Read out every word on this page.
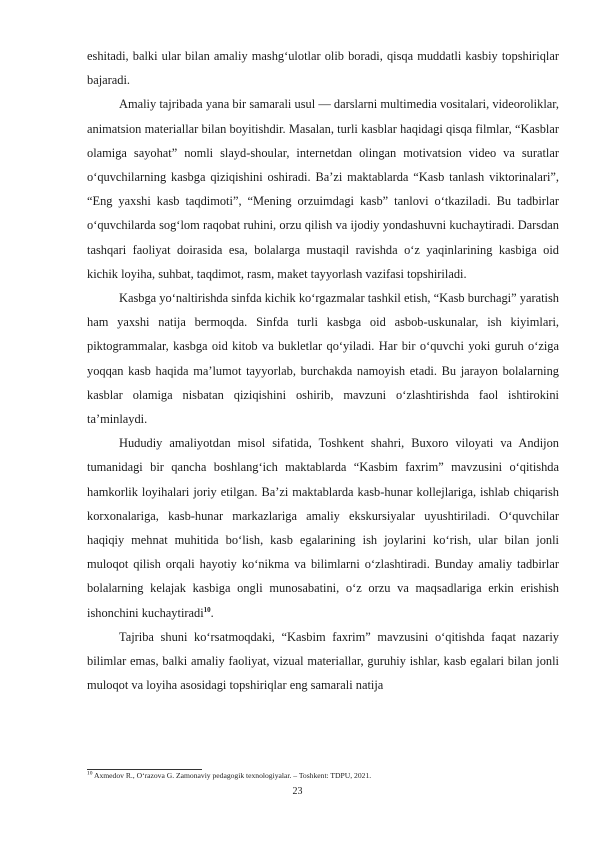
eshitadi, balki ular bilan amaliy mashg‘ulotlar olib boradi, qisqa muddatli kasbiy topshiriqlar bajaradi.

Amaliy tajribada yana bir samarali usul — darslarni multimedia vositalari, videoroliklar, animatsion materiallar bilan boyitishdir. Masalan, turli kasblar haqidagi qisqa filmlar, “Kasblar olamiga sayohat” nomli slayd-shoular, internetdan olingan motivatsion video va suratlar o‘quvchilarning kasbga qiziqishini oshiradi. Ba’zi maktablarda “Kasb tanlash viktorinalari”, “Eng yaxshi kasb taqdimoti”, “Mening orzuimdagi kasb” tanlovi o‘tkaziladi. Bu tadbirlar o‘quvchilarda sog‘lom raqobat ruhini, orzu qilish va ijodiy yondashuvni kuchaytiradi. Darsdan tashqari faoliyat doirasida esa, bolalarga mustaqil ravishda o‘z yaqinlarining kasbiga oid kichik loyiha, suhbat, taqdimot, rasm, maket tayyorlash vazifasi topshiriladi.

Kasbga yo‘naltirishda sinfda kichik ko‘rgazmalar tashkil etish, “Kasb burchagi” yaratish ham yaxshi natija bermoqda. Sinfda turli kasbga oid asbob-uskunalar, ish kiyimlari, piktogrammalar, kasbga oid kitob va bukletlar qo‘yiladi. Har bir o‘quvchi yoki guruh o‘ziga yoqqan kasb haqida ma’lumot tayyorlab, burchakda namoyish etadi. Bu jarayon bolalarning kasblar olamiga nisbatan qiziqishini oshirib, mavzuni o‘zlashtirishda faol ishtirokini ta’minlaydi.

Hududiy amaliyotdan misol sifatida, Toshkent shahri, Buxoro viloyati va Andijon tumanidagi bir qancha boshlang‘ich maktablarda “Kasbim faxrim” mavzusini o‘qitishda hamkorlik loyihalari joriy etilgan. Ba’zi maktablarda kasb-hunar kollejlariga, ishlab chiqarish korxonalariga, kasb-hunar markazlariga amaliy ekskursiyalar uyushtiriladi. O‘quvchilar haqiqiy mehnat muhitida bo‘lish, kasb egalarining ish joylarini ko‘rish, ular bilan jonli muloqot qilish orqali hayotiy ko‘nikma va bilimlarni o‘zlashtiradi. Bunday amaliy tadbirlar bolalarning kelajak kasbiga ongli munosabatini, o‘z orzu va maqsadlariga erkin erishish ishonchini kuchaytiradi$^{10}$.

Tajriba shuni ko‘rsatmoqdaki, “Kasbim faxrim” mavzusini o‘qitishda faqat nazariy bilimlar emas, balki amaliy faoliyat, vizual materiallar, guruhiy ishlar, kasb egalari bilan jonli muloqot va loyiha asosidagi topshiriqlar eng samarali natija

$^{10}$ Axmedov R., O‘razova G. Zamonaviy pedagogik texnologiyalar. – Toshkent: TDPU, 2021.
23
